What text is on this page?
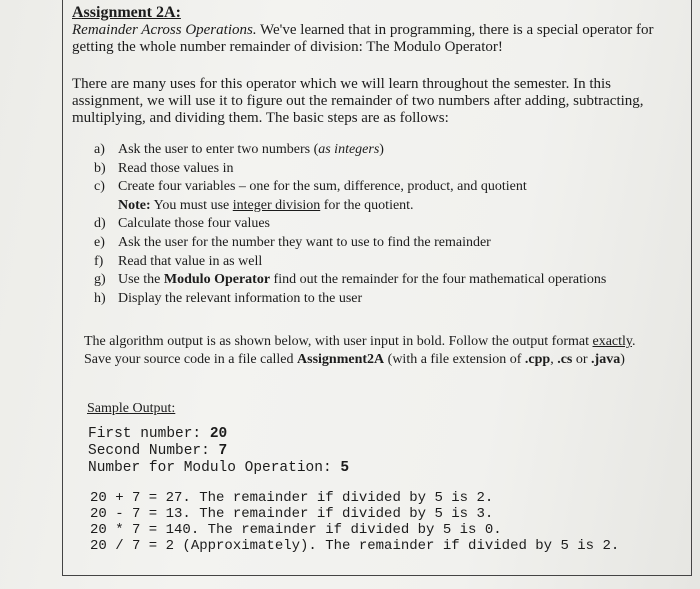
Assignment 2A:

Remainder Across Operations. We've learned that in programming, there is a special operator for getting the whole number remainder of division: The Modulo Operator!

There are many uses for this operator which we will learn throughout the semester. In this assignment, we will use it to figure out the remainder of two numbers after adding, subtracting, multiplying, and dividing them. The basic steps are as follows:

a) Ask the user to enter two numbers (as integers)
b) Read those values in
c) Create four variables – one for the sum, difference, product, and quotient
Note: You must use integer division for the quotient.
d) Calculate those four values
e) Ask the user for the number they want to use to find the remainder
f) Read that value in as well
g) Use the Modulo Operator find out the remainder for the four mathematical operations
h) Display the relevant information to the user

The algorithm output is as shown below, with user input in bold. Follow the output format exactly. Save your source code in a file called Assignment2A (with a file extension of .cpp, .cs or .java)

Sample Output:

First number: 20
Second Number: 7
Number for Modulo Operation: 5
20 + 7 = 27. The remainder if divided by 5 is 2.
20 - 7 = 13. The remainder if divided by 5 is 3.
20 * 7 = 140. The remainder if divided by 5 is 0.
20 / 7 = 2 (Approximately). The remainder if divided by 5 is 2.
